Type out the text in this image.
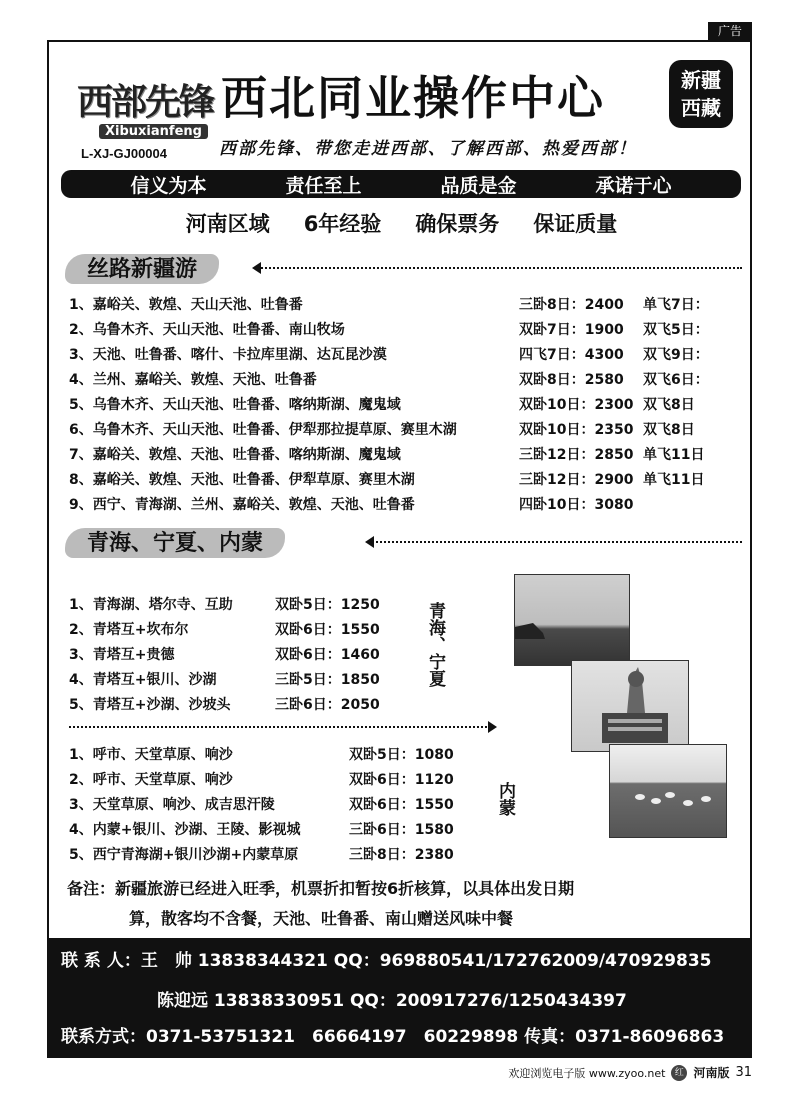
广告
西部先锋
Xibuxianfeng
L-XJ-GJ00004
西北同业操作中心	新疆
西藏
西部先锋、带您走进西部、了解西部、热爱西部！
信义为本	责任至上	品质是金	承诺于心
河南区域 6年经验 确保票务 保证质量
丝路新疆游
1、嘉峪关、敦煌、天山天池、吐鲁番	三卧8日：2400 单飞7日：
2、乌鲁木齐、天山天池、吐鲁番、南山牧场	双卧7日：1900 双飞5日：
3、天池、吐鲁番、喀什、卡拉库里湖、达瓦昆沙漠	四飞7日：4300 双飞9日：
4、兰州、嘉峪关、敦煌、天池、吐鲁番	双卧8日：2580 双飞6日：
5、乌鲁木齐、天山天池、吐鲁番、喀纳斯湖、魔鬼域	双卧10日：2300 双飞8日
6、乌鲁木齐、天山天池、吐鲁番、伊犁那拉提草原、赛里木湖	双卧10日：2350 双飞8日
7、嘉峪关、敦煌、天池、吐鲁番、喀纳斯湖、魔鬼域	三卧12日：2850 单飞11日
8、嘉峪关、敦煌、天池、吐鲁番、伊犁草原、赛里木湖	三卧12日：2900 单飞11日
9、西宁、青海湖、兰州、嘉峪关、敦煌、天池、吐鲁番	四卧10日：3080
青海、宁夏、内蒙
1、青海湖、塔尔寺、互助	双卧5日：1250
2、青塔互+坎布尔	双卧6日：1550
3、青塔互+贵德	双卧6日：1460
4、青塔互+银川、沙湖	三卧5日：1850
5、青塔互+沙湖、沙坡头	三卧6日：2050
青海、宁夏
1、呼市、天堂草原、响沙	双卧5日：1080
2、呼市、天堂草原、响沙	双卧6日：1120
3、天堂草原、响沙、成吉思汗陵	双卧6日：1550
4、内蒙+银川、沙湖、王陵、影视城	三卧6日：1580
5、西宁青海湖+银川沙湖+内蒙草原	三卧8日：2380
内蒙
备注：新疆旅游已经进入旺季，机票折扣暂按6折核算，以具体出发日期
算，散客均不含餐，天池、吐鲁番、南山赠送风味中餐
联 系 人：王　帅 13838344321 QQ：969880541/172762009/470929835
陈迎远 13838330951 QQ：200917276/1250434397
联系方式：0371-53751321　66664197　60229898 传真：0371-86096863
欢迎浏览电子版 www.zyoo.net	红 河南版 31
